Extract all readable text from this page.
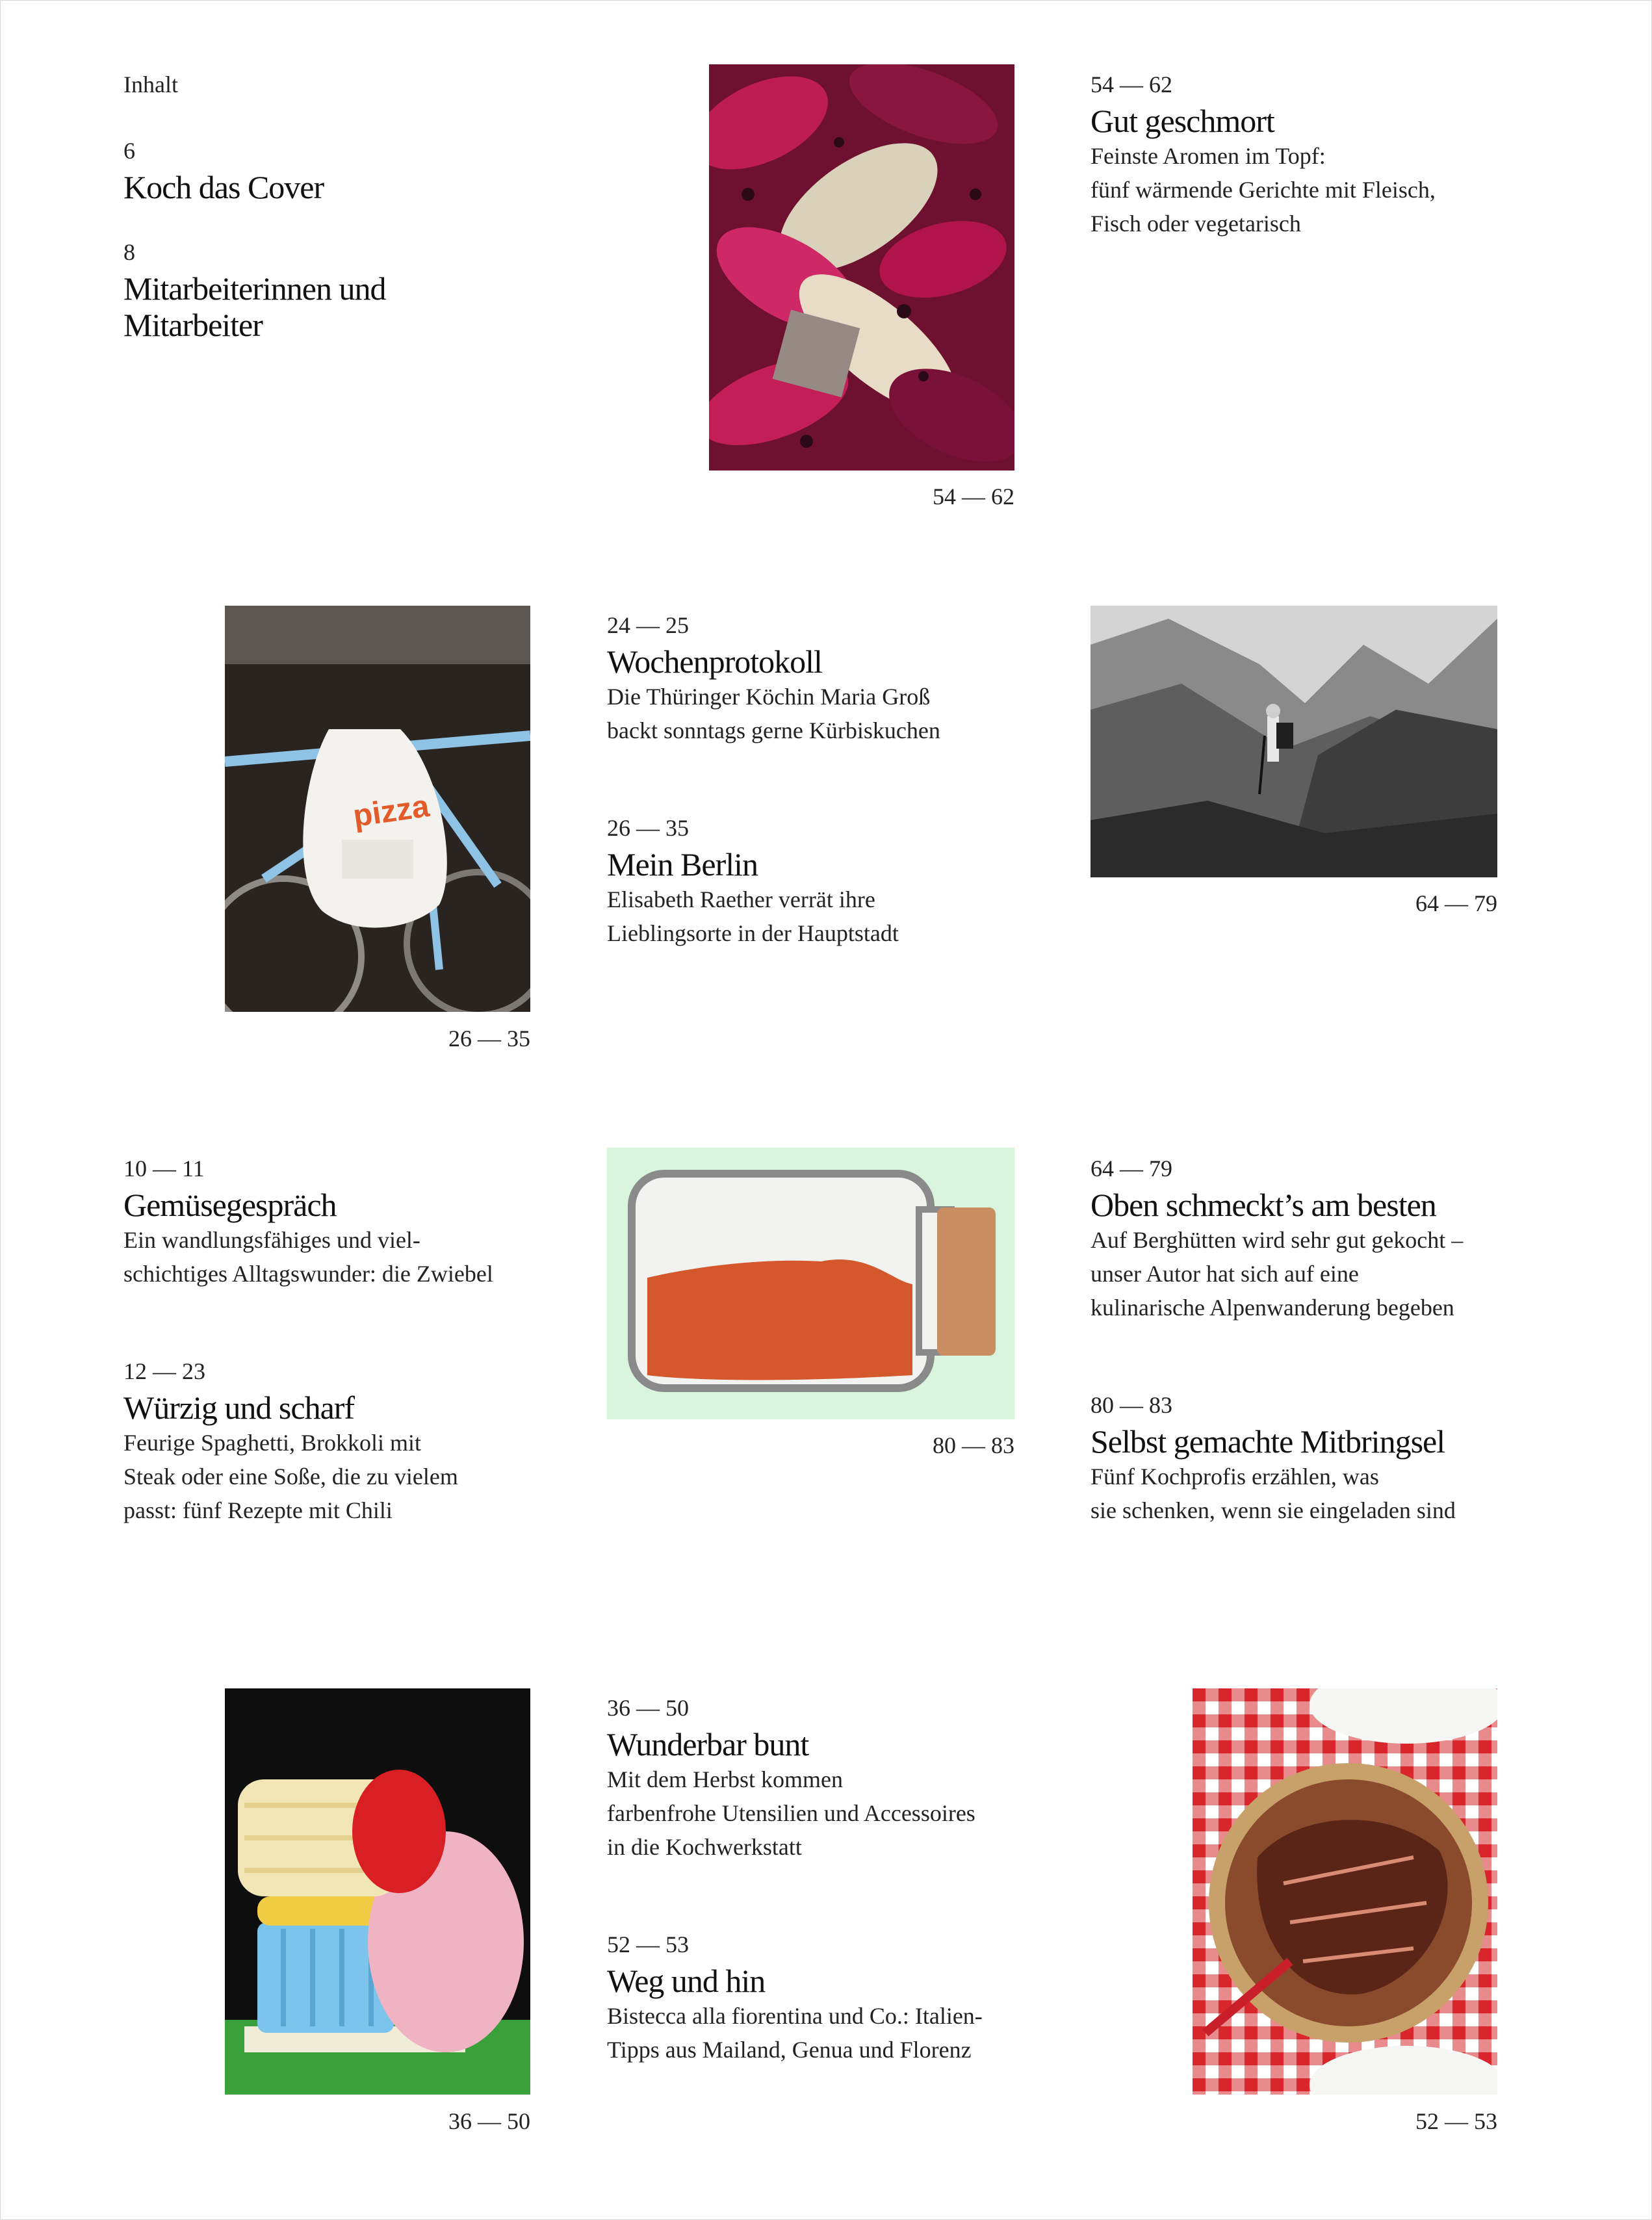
Inhalt
6
Koch das Cover
8
Mitarbeiterinnen und
Mitarbeiter
54 — 62
54 — 62
Gut geschmort
Feinste Aromen im Topf:
fünf wärmende Gerichte mit Fleisch,
Fisch oder vegetarisch
pizza
26 — 35
24 — 25
Wochenprotokoll
Die Thüringer Köchin Maria Groß
backt sonntags gerne Kürbiskuchen
26 — 35
Mein Berlin
Elisabeth Raether verrät ihre
Lieblingsorte in der Hauptstadt
64 — 79
10 — 11
Gemüsegespräch
Ein wandlungsfähiges und viel-
schichtiges Alltagswunder: die Zwiebel
12 — 23
Würzig und scharf
Feurige Spaghetti, Brokkoli mit
Steak oder eine Soße, die zu vielem
passt: fünf Rezepte mit Chili
80 — 83
64 — 79
Oben schmeckt’s am besten
Auf Berghütten wird sehr gut gekocht –
unser Autor hat sich auf eine
kulinarische Alpenwanderung begeben
80 — 83
Selbst gemachte Mitbringsel
Fünf Kochprofis erzählen, was
sie schenken, wenn sie eingeladen sind
36 — 50
36 — 50
Wunderbar bunt
Mit dem Herbst kommen
farbenfrohe Utensilien und Accessoires
in die Kochwerkstatt
52 — 53
Weg und hin
Bistecca alla fiorentina und Co.: Italien-
Tipps aus Mailand, Genua und Florenz
52 — 53
